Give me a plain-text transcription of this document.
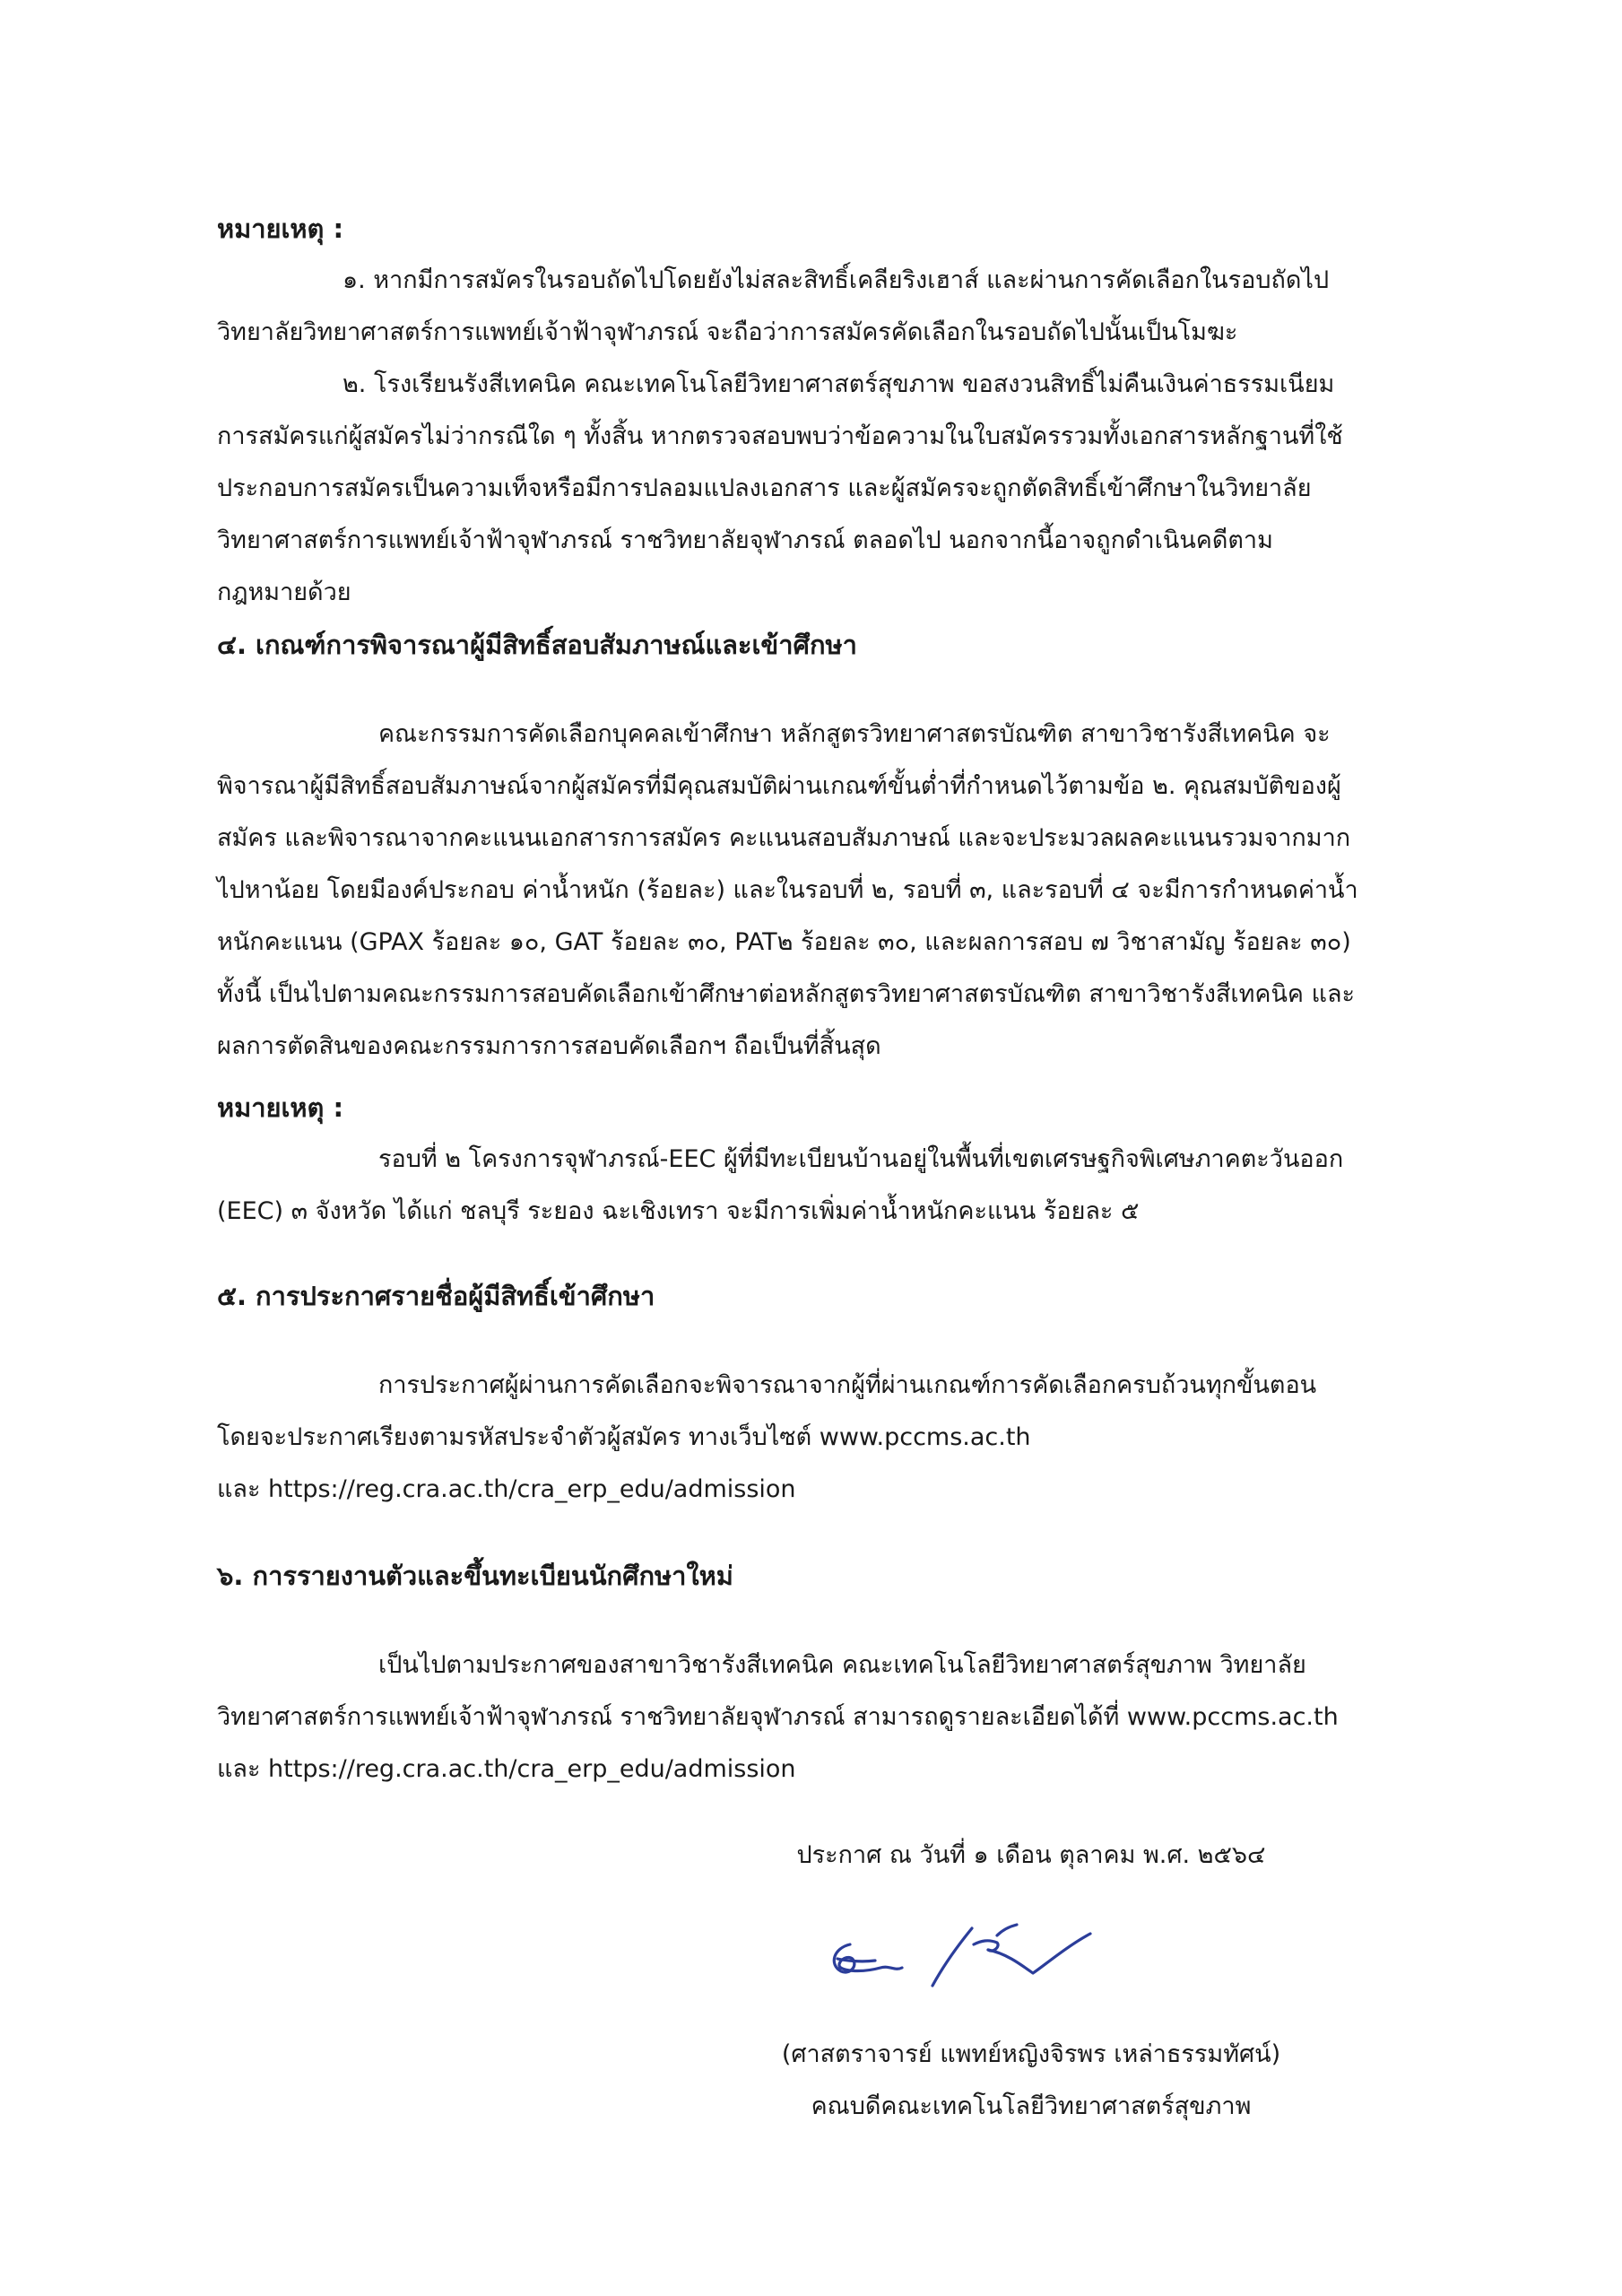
หมายเหตุ :
๑. หากมีการสมัครในรอบถัดไปโดยยังไม่สละสิทธิ์เคลียริงเฮาส์ และผ่านการคัดเลือกในรอบถัดไป
วิทยาลัยวิทยาศาสตร์การแพทย์เจ้าฟ้าจุฬาภรณ์ จะถือว่าการสมัครคัดเลือกในรอบถัดไปนั้นเป็นโมฆะ
๒. โรงเรียนรังสีเทคนิค คณะเทคโนโลยีวิทยาศาสตร์สุขภาพ ขอสงวนสิทธิ์ไม่คืนเงินค่าธรรมเนียม
การสมัครแก่ผู้สมัครไม่ว่ากรณีใด ๆ ทั้งสิ้น หากตรวจสอบพบว่าข้อความในใบสมัครรวมทั้งเอกสารหลักฐานที่ใช้
ประกอบการสมัครเป็นความเท็จหรือมีการปลอมแปลงเอกสาร และผู้สมัครจะถูกตัดสิทธิ์เข้าศึกษาในวิทยาลัย
วิทยาศาสตร์การแพทย์เจ้าฟ้าจุฬาภรณ์ ราชวิทยาลัยจุฬาภรณ์ ตลอดไป นอกจากนี้อาจถูกดำเนินคดีตาม
กฎหมายด้วย
๔. เกณฑ์การพิจารณาผู้มีสิทธิ์สอบสัมภาษณ์และเข้าศึกษา
คณะกรรมการคัดเลือกบุคคลเข้าศึกษา หลักสูตรวิทยาศาสตรบัณฑิต สาขาวิชารังสีเทคนิค จะ
พิจารณาผู้มีสิทธิ์สอบสัมภาษณ์จากผู้สมัครที่มีคุณสมบัติผ่านเกณฑ์ขั้นต่ำที่กำหนดไว้ตามข้อ ๒. คุณสมบัติของผู้
สมัคร และพิจารณาจากคะแนนเอกสารการสมัคร คะแนนสอบสัมภาษณ์ และจะประมวลผลคะแนนรวมจากมาก
ไปหาน้อย โดยมีองค์ประกอบ ค่าน้ำหนัก (ร้อยละ) และในรอบที่ ๒, รอบที่ ๓, และรอบที่ ๔ จะมีการกำหนดค่าน้ำ
หนักคะแนน (GPAX ร้อยละ ๑๐, GAT ร้อยละ ๓๐, PAT๒ ร้อยละ ๓๐, และผลการสอบ ๗ วิชาสามัญ ร้อยละ ๓๐)
ทั้งนี้ เป็นไปตามคณะกรรมการสอบคัดเลือกเข้าศึกษาต่อหลักสูตรวิทยาศาสตรบัณฑิต สาขาวิชารังสีเทคนิค และ
ผลการตัดสินของคณะกรรมการการสอบคัดเลือกฯ ถือเป็นที่สิ้นสุด
หมายเหตุ :
รอบที่ ๒ โครงการจุฬาภรณ์-EEC ผู้ที่มีทะเบียนบ้านอยู่ในพื้นที่เขตเศรษฐกิจพิเศษภาคตะวันออก
(EEC) ๓ จังหวัด ได้แก่ ชลบุรี ระยอง ฉะเชิงเทรา จะมีการเพิ่มค่าน้ำหนักคะแนน ร้อยละ ๕
๕. การประกาศรายชื่อผู้มีสิทธิ์เข้าศึกษา
การประกาศผู้ผ่านการคัดเลือกจะพิจารณาจากผู้ที่ผ่านเกณฑ์การคัดเลือกครบถ้วนทุกขั้นตอน
โดยจะประกาศเรียงตามรหัสประจำตัวผู้สมัคร ทางเว็บไซต์ www.pccms.ac.th
และ https://reg.cra.ac.th/cra_erp_edu/admission
๖. การรายงานตัวและขึ้นทะเบียนนักศึกษาใหม่
เป็นไปตามประกาศของสาขาวิชารังสีเทคนิค คณะเทคโนโลยีวิทยาศาสตร์สุขภาพ วิทยาลัย
วิทยาศาสตร์การแพทย์เจ้าฟ้าจุฬาภรณ์ ราชวิทยาลัยจุฬาภรณ์ สามารถดูรายละเอียดได้ที่ www.pccms.ac.th
และ https://reg.cra.ac.th/cra_erp_edu/admission
ประกาศ ณ วันที่ ๑ เดือน ตุลาคม พ.ศ. ๒๕๖๔
(ศาสตราจารย์ แพทย์หญิงจิรพร เหล่าธรรมทัศน์)
คณบดีคณะเทคโนโลยีวิทยาศาสตร์สุขภาพ
